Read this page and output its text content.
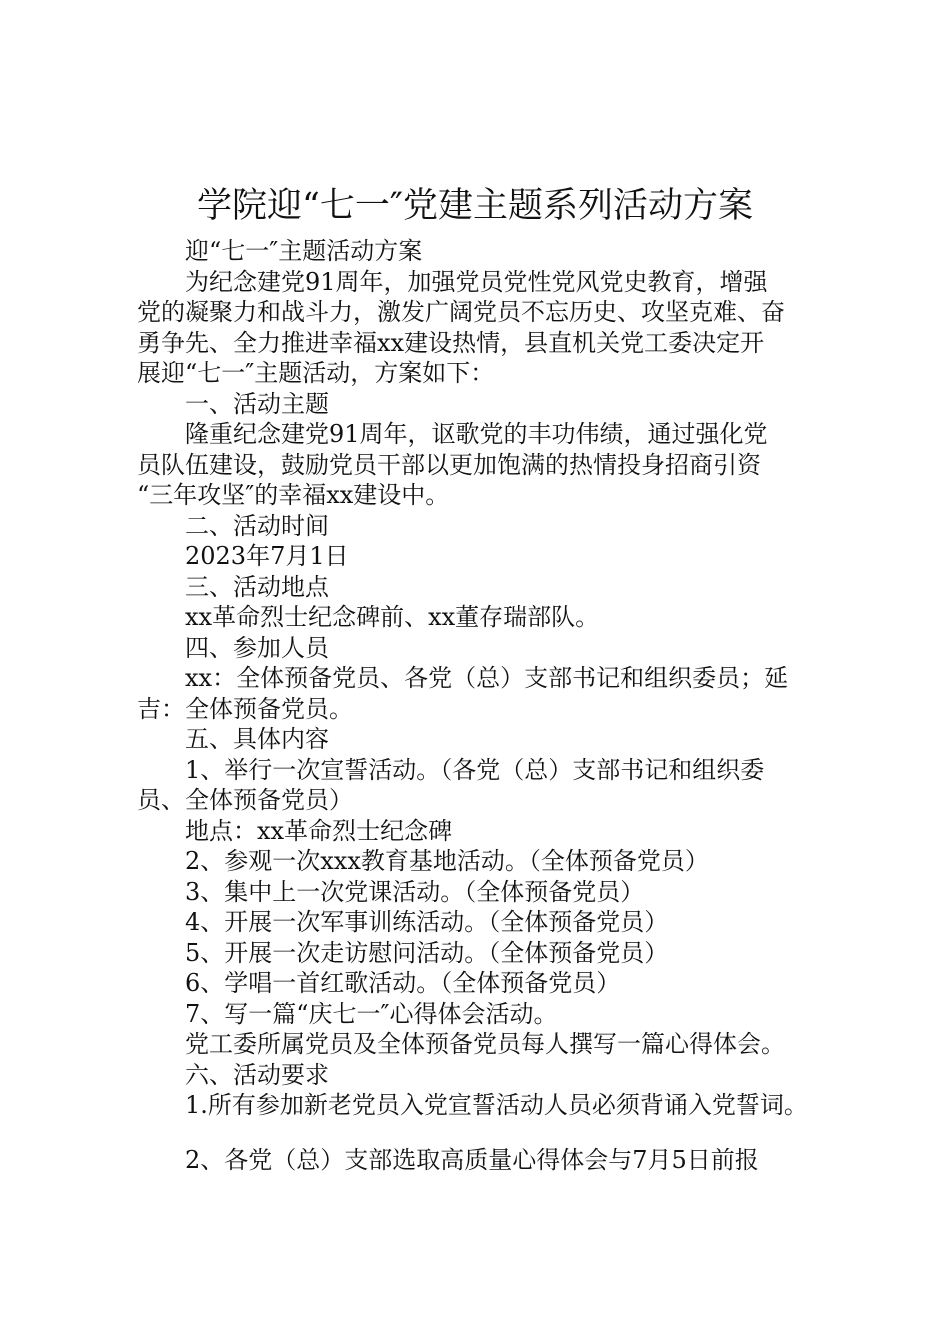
学院迎“七一″党建主题系列活动方案

迎“七一″主题活动方案

为纪念建党91周年，加强党员党性党风党史教育，增强

党的凝聚力和战斗力，激发广阔党员不忘历史、攻坚克难、奋

勇争先、全力推进幸福xx建设热情，县直机关党工委决定开

展迎“七一″主题活动，方案如下：

一、活动主题

隆重纪念建党91周年，讴歌党的丰功伟绩，通过强化党

员队伍建设，鼓励党员干部以更加饱满的热情投身招商引资

“三年攻坚″的幸福xx建设中。

二、活动时间

2023年7月1日

三、活动地点

xx革命烈士纪念碑前、xx董存瑞部队。

四、参加人员

xx：全体预备党员、各党（总）支部书记和组织委员；延

吉：全体预备党员。

五、具体内容

1、举行一次宣誓活动。（各党（总）支部书记和组织委

员、全体预备党员）

地点：xx革命烈士纪念碑

2、参观一次xxx教育基地活动。（全体预备党员）

3、集中上一次党课活动。（全体预备党员）

4、开展一次军事训练活动。（全体预备党员）

5、开展一次走访慰问活动。（全体预备党员）

6、学唱一首红歌活动。（全体预备党员）

7、写一篇“庆七一″心得体会活动。

党工委所属党员及全体预备党员每人撰写一篇心得体会。

六、活动要求

1.所有参加新老党员入党宣誓活动人员必须背诵入党誓词。

2、各党（总）支部选取高质量心得体会与7月5日前报
